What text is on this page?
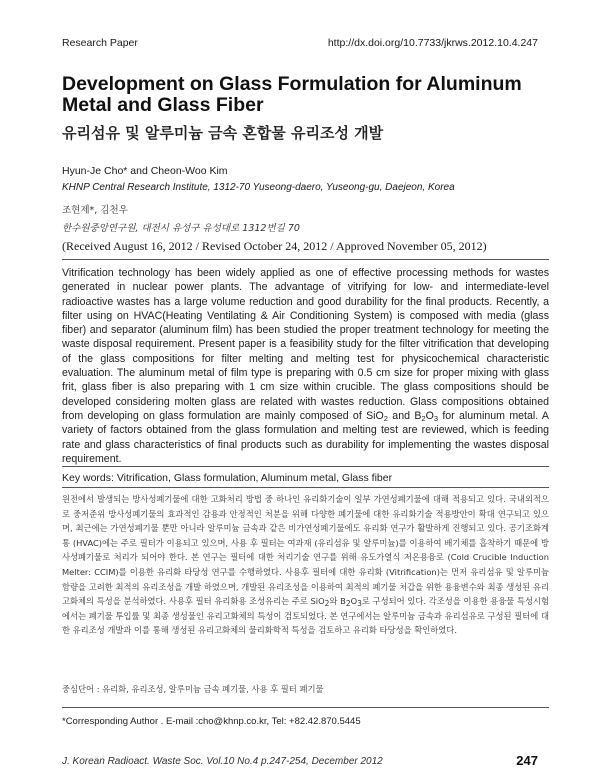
Research Paper	http://dx.doi.org/10.7733/jkrws.2012.10.4.247
Development on Glass Formulation for Aluminum Metal and Glass Fiber
유리섬유 및 알루미늄 금속 혼합물 유리조성 개발
Hyun-Je Cho* and Cheon-Woo Kim
KHNP Central Research Institute, 1312-70 Yuseong-daero, Yuseong-gu, Daejeon, Korea
조현제*, 김천우
한수원중앙연구원, 대전시 유성구 유성대로 1312번길 70
(Received August 16, 2012 / Revised October 24, 2012 / Approved November 05, 2012)
Vitrification technology has been widely applied as one of effective processing methods for wastes generated in nuclear power plants. The advantage of vitrifying for low- and intermediate-level radioactive wastes has a large volume reduction and good durability for the final products. Recently, a filter using on HVAC(Heating Ventilating & Air Conditioning System) is composed with media (glass fiber) and separator (aluminum film) has been studied the proper treatment technology for meeting the waste disposal requirement. Present paper is a feasibility study for the filter vitrification that developing of the glass compositions for filter melting and melting test for physicochemical characteristic evaluation. The aluminum metal of film type is preparing with 0.5 cm size for proper mixing with glass frit, glass fiber is also preparing with 1 cm size within crucible. The glass compositions should be developed considering molten glass are related with wastes reduction. Glass compositions obtained from developing on glass formulation are mainly composed of SiO$_2$ and $B_2O_3$ for aluminum metal. A variety of factors obtained from the glass formulation and melting test are reviewed, which is feeding rate and glass characteristics of final products such as durability for implementing the wastes disposal requirement.
Key words: Vitrification, Glass formulation, Aluminum metal, Glass fiber
원전에서 발생되는 방사성폐기물에 대한 고화처리 방법 중 하나인 유리화기술이 일부 가연성폐기물에 대해 적용되고 있다. 국내외적으로 중저준위 방사성폐기물의 효과적인 감용과 안정적인 처분을 위해 다양한 폐기물에 대한 유리화기술 적용방안이 확대 연구되고 있으며, 최근에는 가연성폐기물 뿐만 아니라 알루미늄 금속과 같은 비가연성폐기물에도 유리화 연구가 활발하게 진행되고 있다. 공기조화계통 (HVAC)에는 주로 필터가 이용되고 있으며, 사용 후 필터는 여과재 (유리섬유 및 알루미늄)를 이용하여 배기체를 흡착하기 때문에 방사성폐기물로 처리가 되어야 한다. 본 연구는 필터에 대한 처리기술 연구를 위해 유도가열식 저온용융로 (Cold Crucible Induction Melter: CCIM)를 이용한 유리화 타당성 연구를 수행하였다. 사용후 필터에 대한 유리화 (Vitrification)는 먼저 유리섬유 및 알루미늄 함량을 고려한 최적의 유리조성을 개발 하였으며, 개발된 유리조성을 이용하여 최적의 폐기물 처갑을 위한 용융변수와 최종 생성된 유리고화체의 특성을 분석하였다. 사용후 필터 유리화용 조성유리는 주로 SiO$_2$와 $B_2O_3$로 구성되어 있다. 각조성을 이용한 용융물 특성시험에서는 폐기물 투입률 및 최종 생성물인 유리고화체의 특성이 검토되었다. 본 연구에서는 알루미늄 금속과 유리섬유로 구성된 필터에 대한 유리조성 개발과 이를 통해 생성된 유리고화체의 물리화학적 특성을 검토하고 유리화 타당성을 확인하였다.
중심단어 : 유리화, 유리조성, 알루미늄 금속 폐기물, 사용 후 필터 폐기물
*Corresponding Author . E-mail :cho@khnp.co.kr, Tel: +82.42.870.5445
J. Korean Radioact. Waste Soc. Vol.10 No.4 p.247-254, December 2012	247
